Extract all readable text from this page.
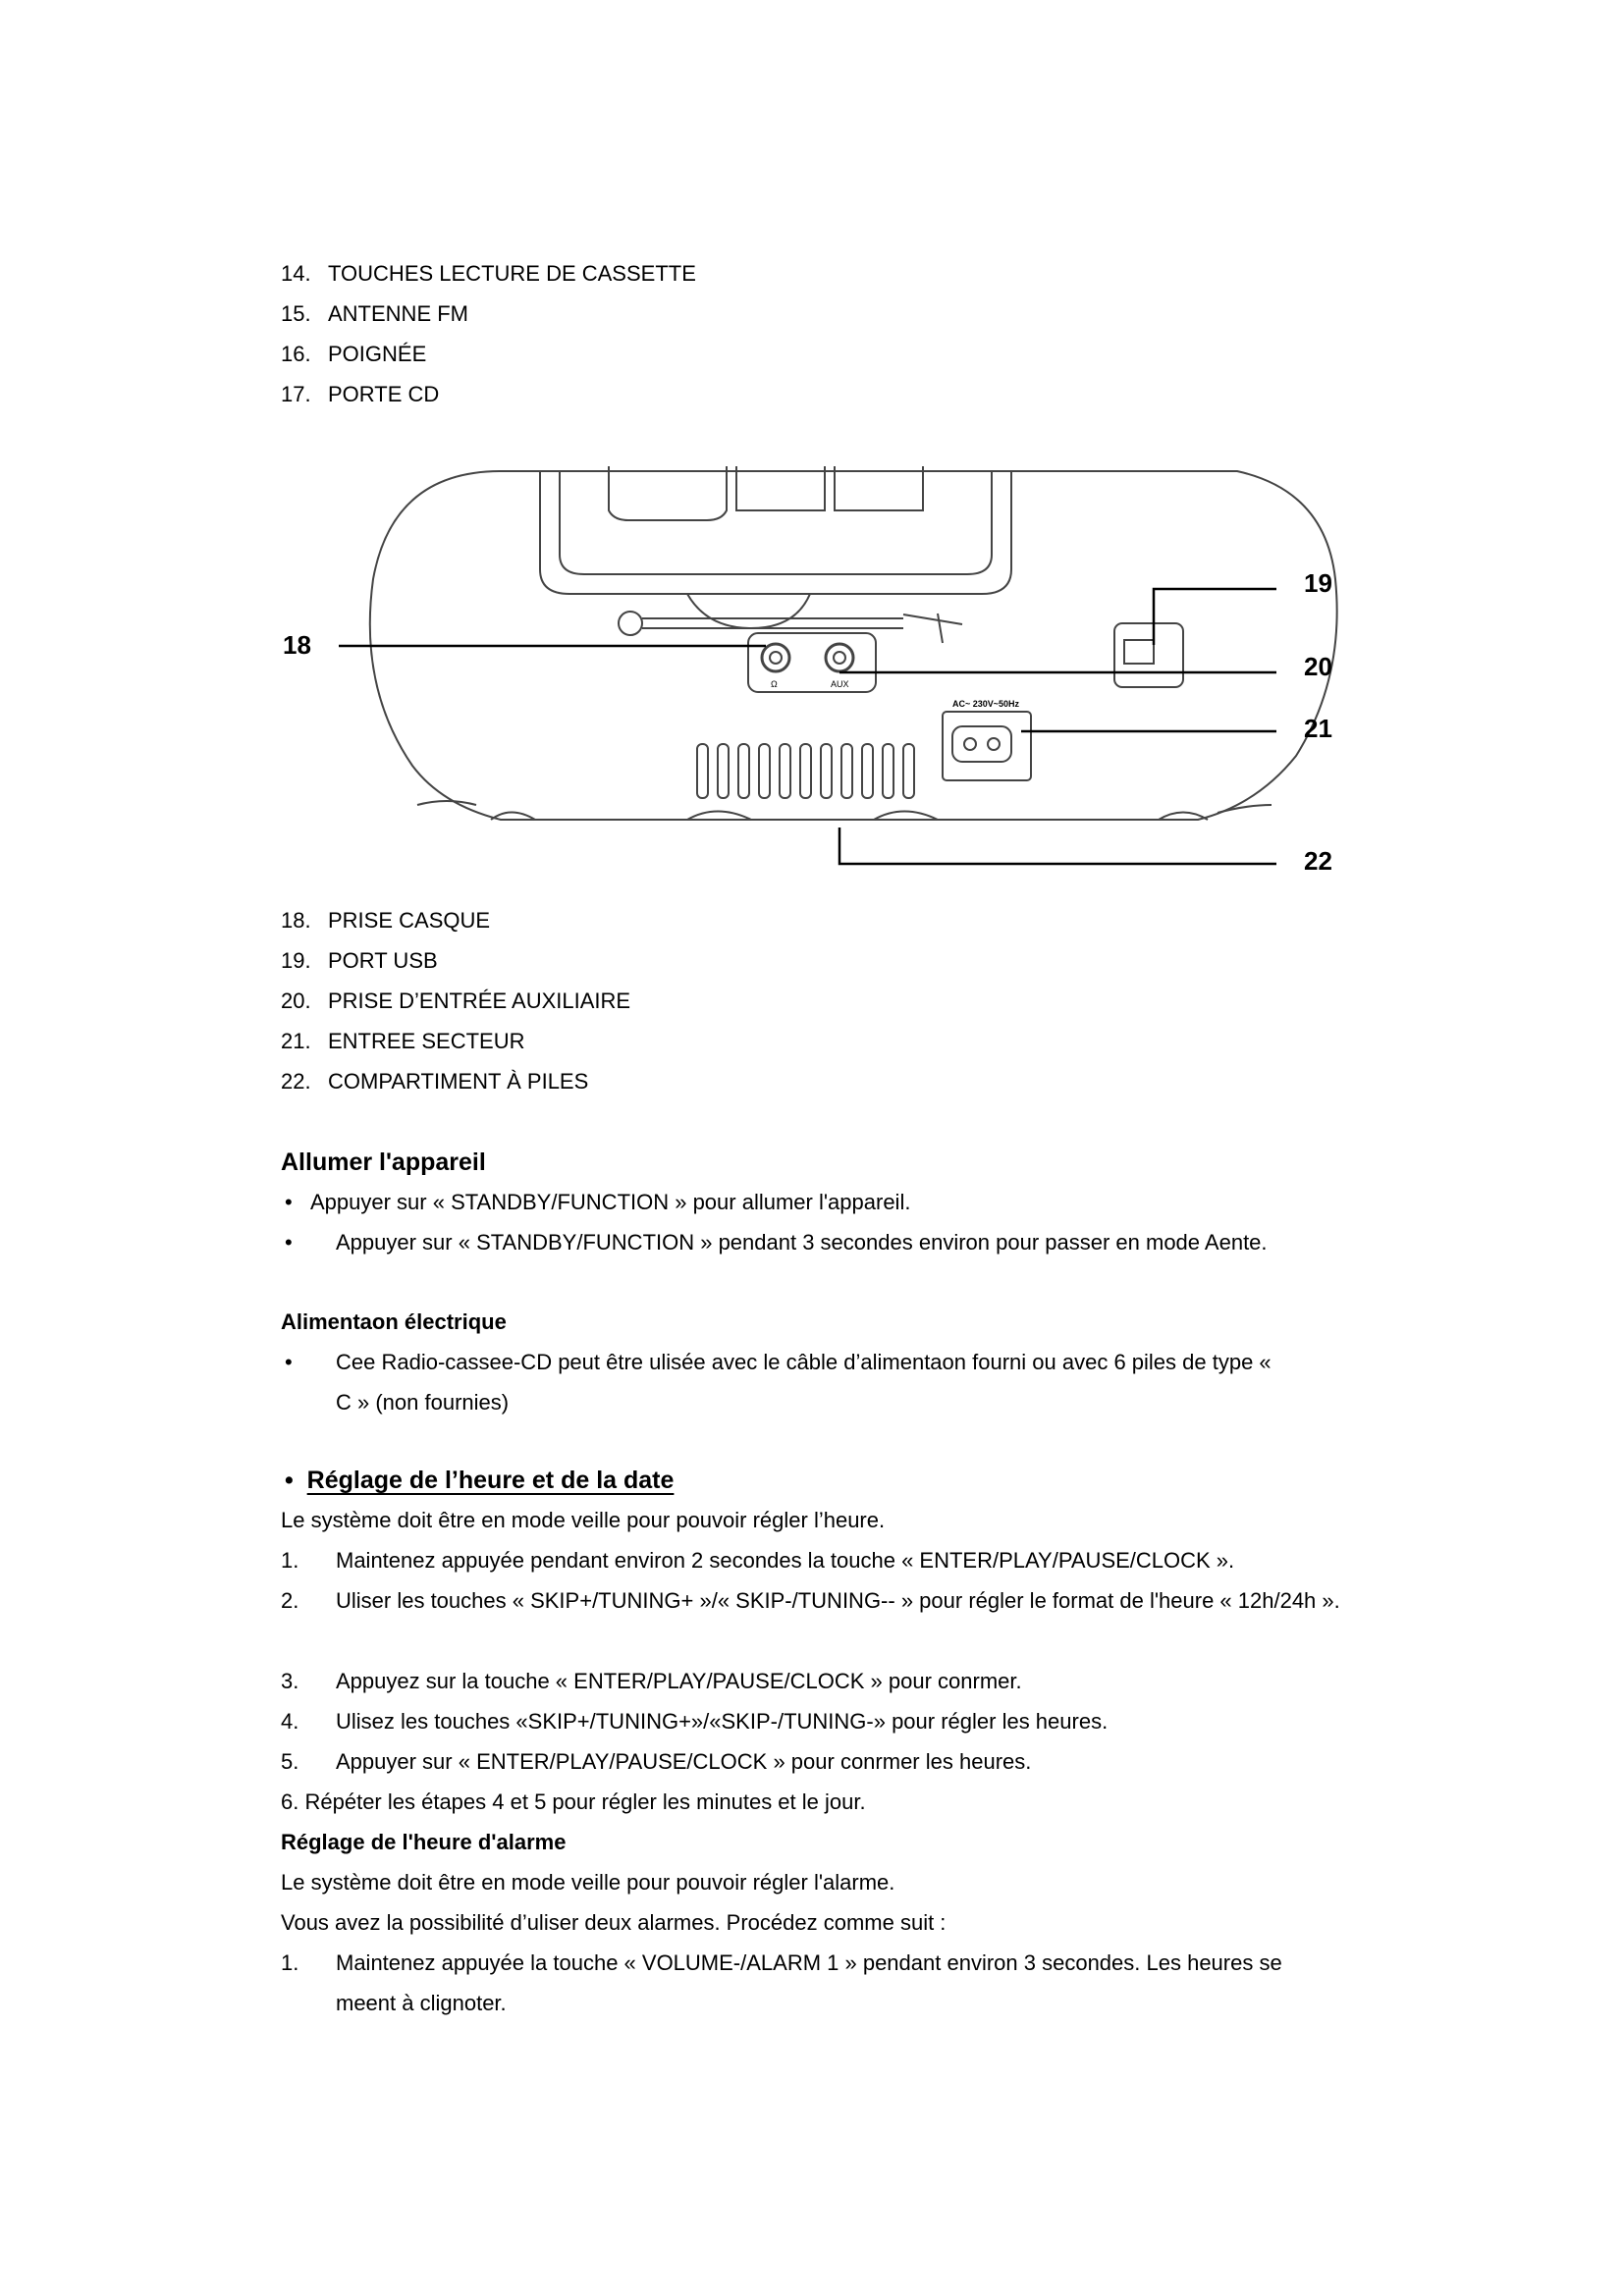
14. TOUCHES LECTURE DE CASSETTE
15. ANTENNE FM
16. POIGNÉE
17. PORTE CD
18
19
20
21
22
AC~ 230V~50Hz
Ω	AUX
18. PRISE CASQUE
19. PORT USB
20. PRISE D’ENTRÉE AUXILIAIRE
21. ENTREE SECTEUR
22. COMPARTIMENT À PILES
Allumer l'appareil
• Appuyer sur « STANDBY/FUNCTION » pour allumer l'appareil.
•	Appuyer sur « STANDBY/FUNCTION » pendant 3 secondes environ pour passer en mode Aente.
Alimentaon électrique
•	Cee Radio-cassee-CD peut être ulisée avec le câble d’alimentaon fourni ou avec 6 piles de type « C » (non fournies)
•  Réglage de l’heure et de la date

Le système doit être en mode veille pour pouvoir régler l’heure.

1. Maintenez appuyée pendant environ 2 secondes la touche « ENTER/PLAY/PAUSE/CLOCK ».
2. Uliser les touches « SKIP+/TUNING+ »/« SKIP-/TUNING-- » pour régler le format de l'heure « 12h/24h ».
3. Appuyez sur la touche « ENTER/PLAY/PAUSE/CLOCK » pour conrmer.
4. Ulisez les touches «SKIP+/TUNING+»/«SKIP-/TUNING-» pour régler les heures.
5. Appuyer sur « ENTER/PLAY/PAUSE/CLOCK » pour conrmer les heures.
6. Répéter les étapes 4 et 5 pour régler les minutes et le jour.
Réglage de l'heure d'alarme

Le système doit être en mode veille pour pouvoir régler l'alarme.

Vous avez la possibilité d’uliser deux alarmes. Procédez comme suit :

1. Maintenez appuyée la touche « VOLUME-/ALARM 1 » pendant environ 3 secondes. Les heures se meent à clignoter.
